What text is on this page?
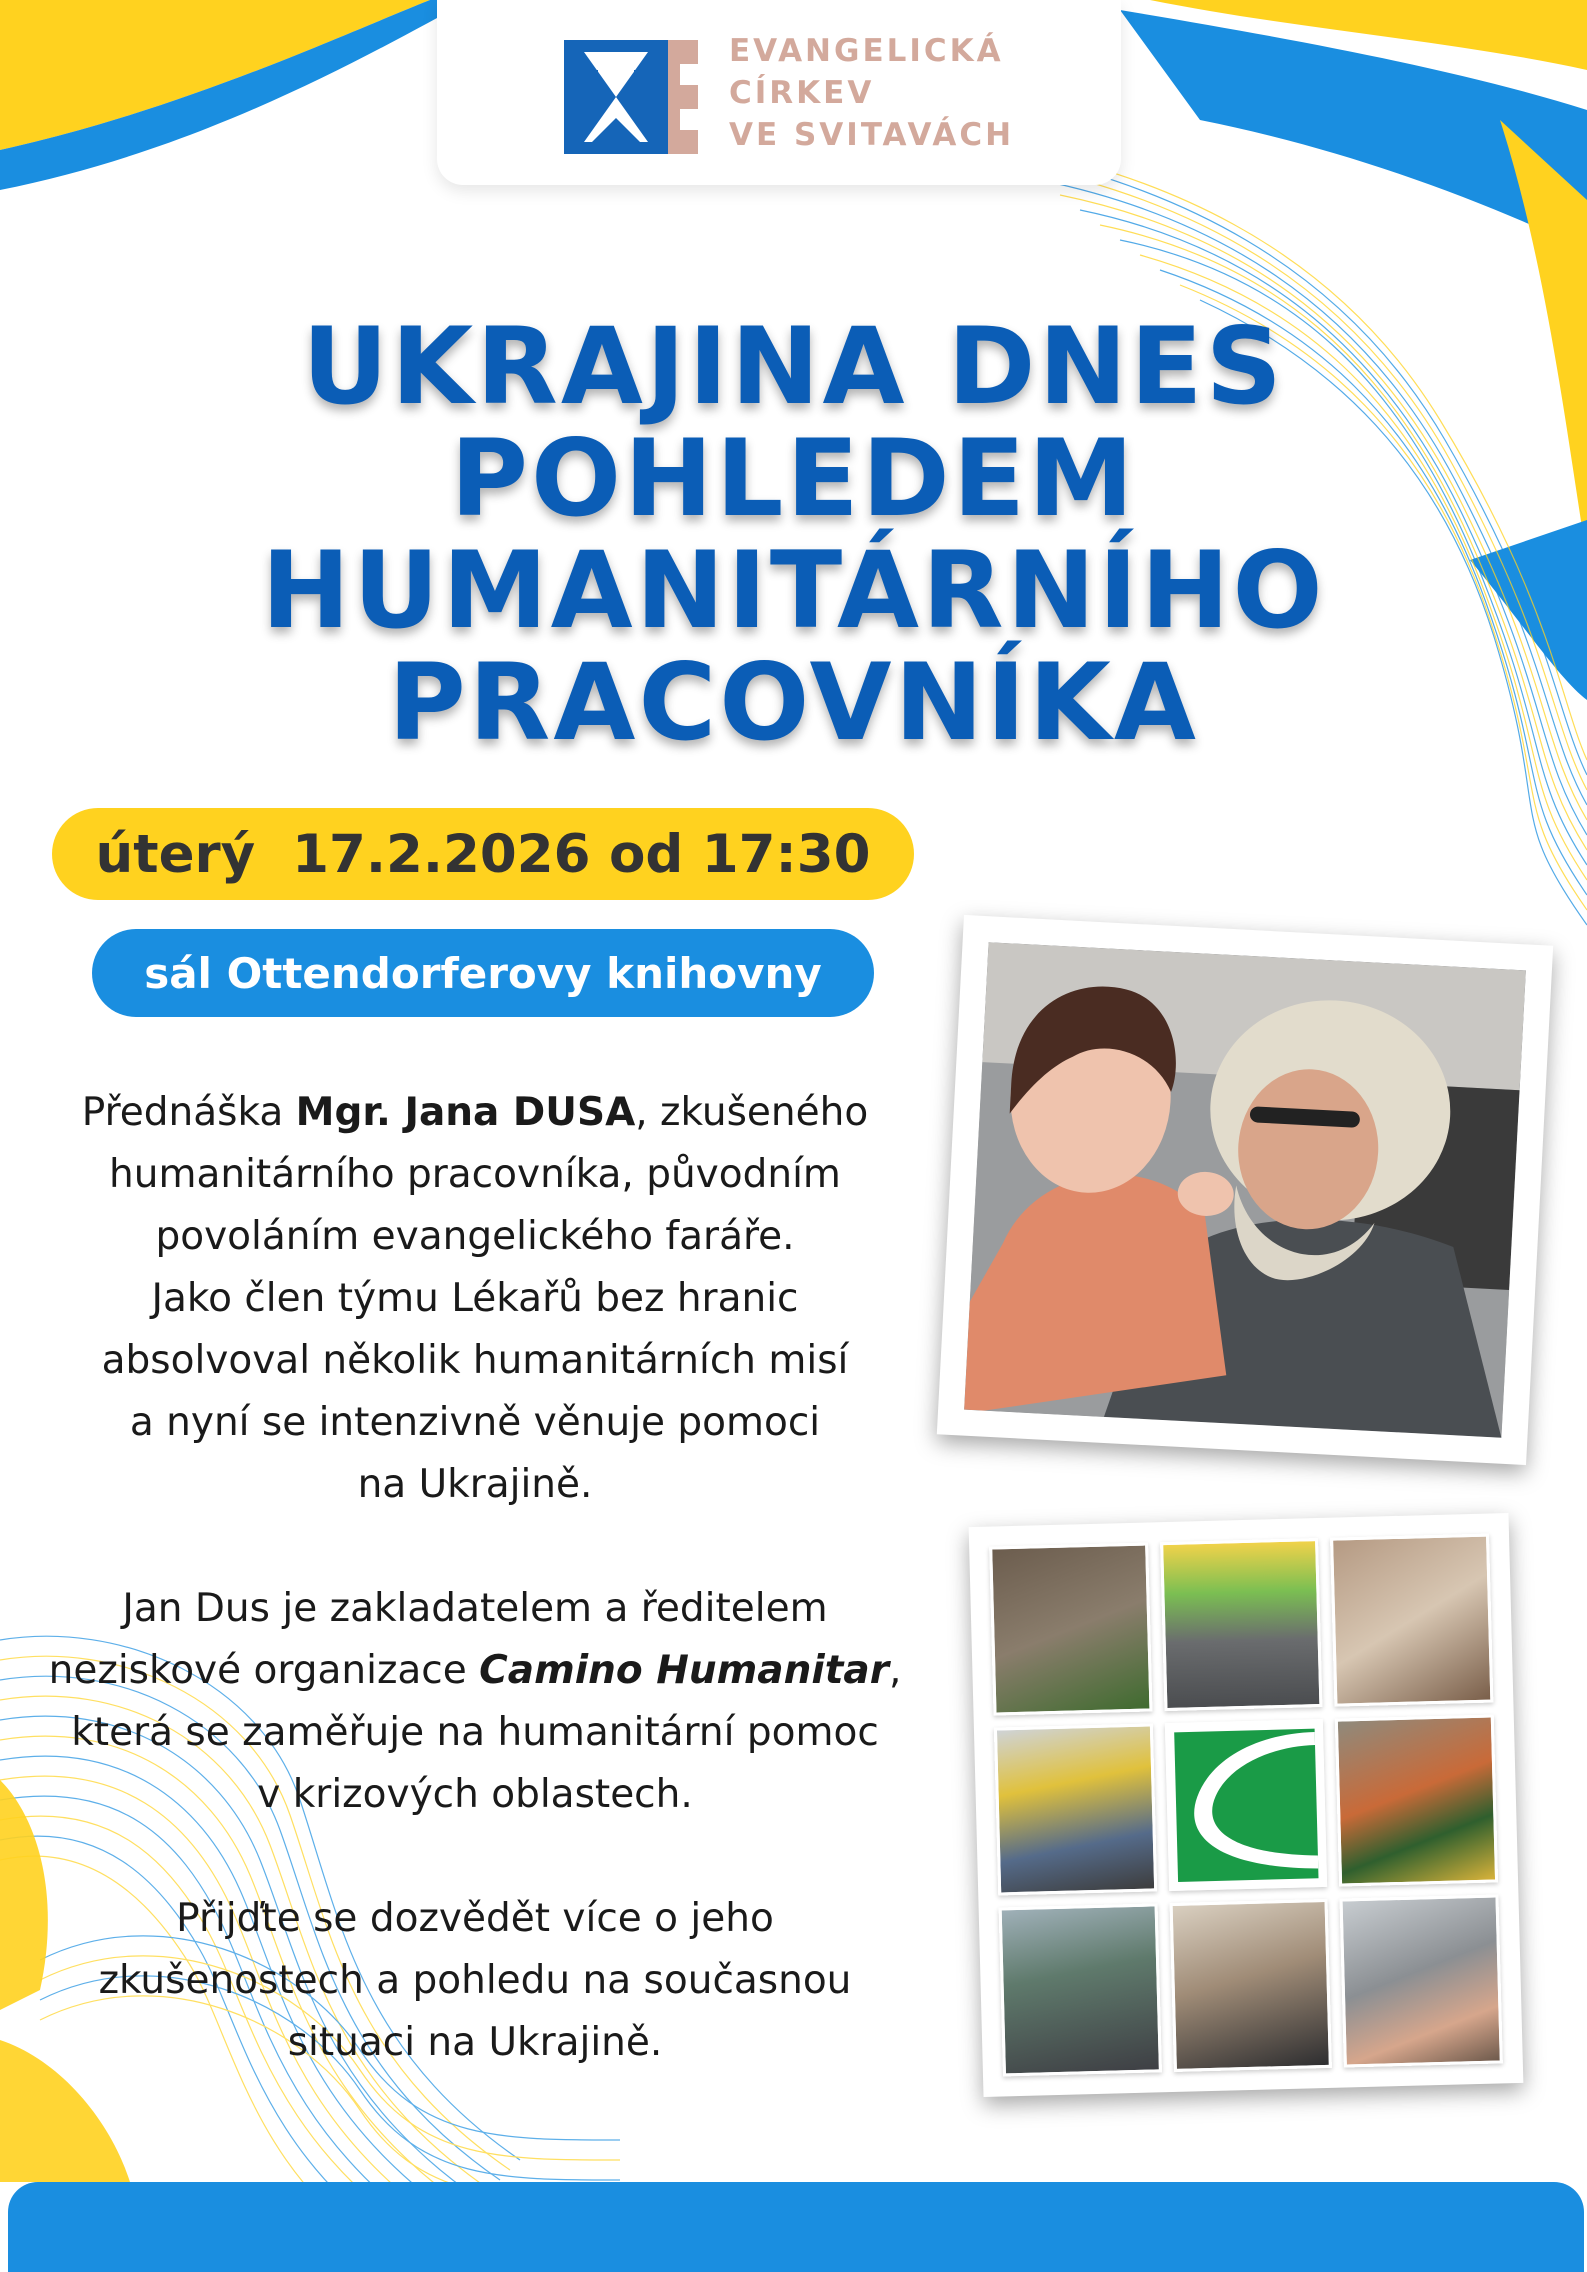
EVANGELICKÁ
CÍRKEV
VE SVITAVÁCH
UKRAJINA DNES
POHLEDEM
HUMANITÁRNÍHO
PRACOVNÍKA
úterý  17.2.2026 od 17:30
sál Ottendorferovy knihovny

Přednáška Mgr. Jana DUSA, zkušeného
humanitárního pracovníka, původním
povoláním evangelického faráře.
Jako člen týmu Lékařů bez hranic
absolvoval několik humanitárních misí
a nyní se intenzivně věnuje pomoci
na Ukrajině.

Jan Dus je zakladatelem a ředitelem
neziskové organizace Camino Humanitar,
která se zaměřuje na humanitární pomoc
v krizových oblastech.

Přijďte se dozvědět více o jeho
zkušenostech a pohledu na současnou
situaci na Ukrajině.
